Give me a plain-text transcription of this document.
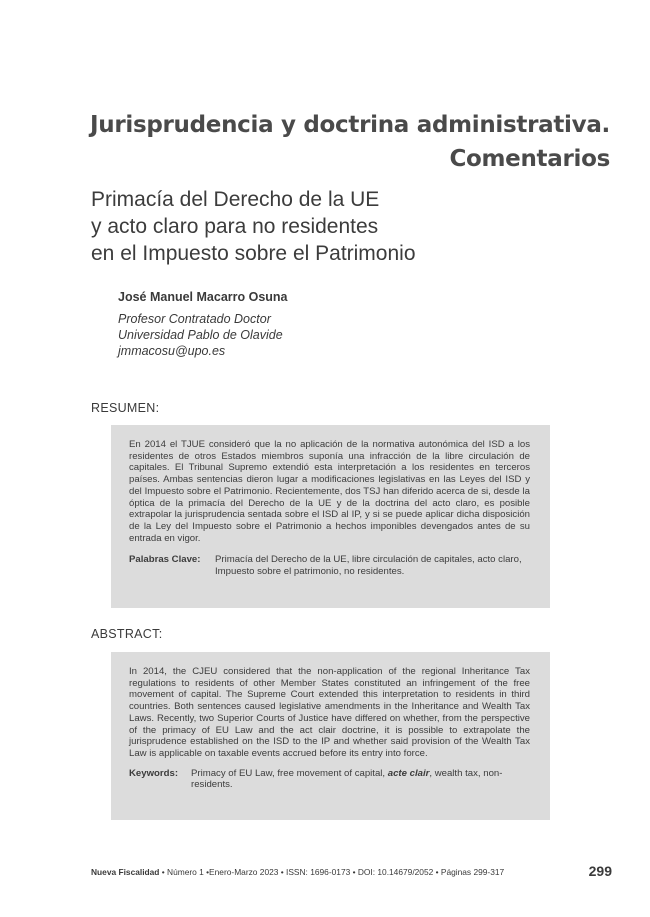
Jurisprudencia y doctrina administrativa.
Comentarios
Primacía del Derecho de la UE
y acto claro para no residentes
en el Impuesto sobre el Patrimonio
José Manuel Macarro Osuna
Profesor Contratado Doctor
Universidad Pablo de Olavide
jmmacosu@upo.es
RESUMEN:

En 2014 el TJUE consideró que la no aplicación de la normativa autonómica del ISD a los residentes de otros Estados miembros suponía una infracción de la libre circulación de capitales. El Tribunal Supremo extendió esta interpretación a los residentes en terceros países. Ambas sentencias dieron lugar a modificaciones legislativas en las Leyes del ISD y del Impuesto sobre el Patrimonio. Recientemente, dos TSJ han diferido acerca de si, desde la óptica de la primacía del Derecho de la UE y de la doctrina del acto claro, es posible extrapolar la jurisprudencia sentada sobre el ISD al IP, y si se puede aplicar dicha disposición de la Ley del Impuesto sobre el Patrimonio a hechos imponibles devengados antes de su entrada en vigor.

Palabras Clave:	Primacía del Derecho de la UE, libre circulación de capitales, acto claro, Impuesto sobre el patrimonio, no residentes.
ABSTRACT:

In 2014, the CJEU considered that the non-application of the regional Inheritance Tax regulations to residents of other Member States constituted an infringement of the free movement of capital. The Supreme Court extended this interpretation to residents in third countries. Both sentences caused legislative amendments in the Inheritance and Wealth Tax Laws. Recently, two Superior Courts of Justice have differed on whether, from the perspective of the primacy of EU Law and the act clair doctrine, it is possible to extrapolate the jurisprudence established on the ISD to the IP and whether said provision of the Wealth Tax Law is applicable on taxable events accrued before its entry into force.

Keywords:	Primacy of EU Law, free movement of capital, acte clair, wealth tax, non-residents.
Nueva Fiscalidad • Número 1 •Enero-Marzo 2023 • ISSN: 1696-0173 • DOI: 10.14679/2052 • Páginas 299-317	299
